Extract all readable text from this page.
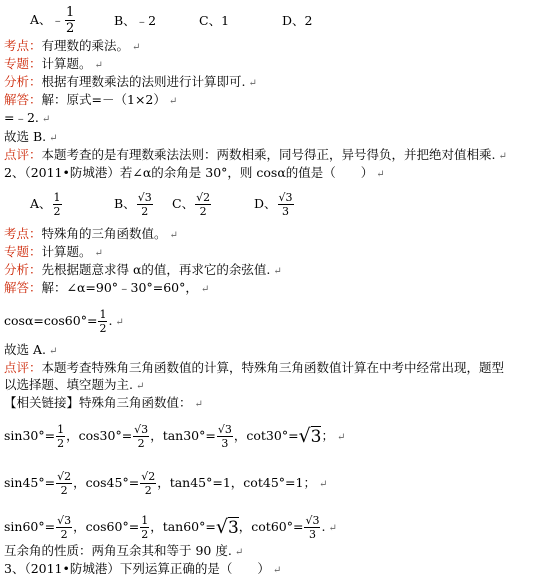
A、﹣ $\frac{1}{2}$	B、﹣2	C、1	D、2
考点：有理数的乘法。 ↵
专题：计算题。 ↵
分析：根据有理数乘法的法则进行计算即可. ↵
解答：解：原式=－（1×2） ↵
=﹣2. ↵
故选 B. ↵
点评：本题考查的是有理数乘法法则：两数相乘，同号得正，异号得负，并把绝对值相乘. ↵
2、（2011•防城港）若∠α的余角是 30°，则 cosα的值是（　　） ↵
A、 $\frac{1}{2}$	B、 $\frac{√3}{2}$ C、 $\frac{√2}{2}$	D、 $\frac{√3}{3}$
考点：特殊角的三角函数值。 ↵
专题：计算题。 ↵
分析：先根据题意求得 α的值，再求它的余弦值. ↵
解答：解：∠α=90°﹣30°=60°， ↵
$\cos\alpha=\cos 60^\circ= \frac{1}{2}$ . ↵
故选 A. ↵
点评：本题考查特殊角三角函数值的计算，特殊角三角函数值计算在中考中经常出现，题型
以选择题、填空题为主. ↵
【相关链接】特殊角三角函数值： ↵
$\sin 30^\circ= \frac{1}{2}$ ，$\cos 30^\circ= \frac{√3}{2}$ ，$\tan 30^\circ= \frac{√3}{3}$ ，cot30°= √ 3； ↵
$\sin 45^\circ= \frac{√2}{2}$ ，$\cos 45^\circ= \frac{√2}{2}$ ，tan45°=1，cot45°=1； ↵
$\sin 60^\circ= \frac{√3}{2}$ ，$\cos 60^\circ= \frac{1}{2}$ ，tan60°= √ 3，$\cot 60^\circ= \frac{√3}{3}$ . ↵
互余角的性质：两角互余其和等于 90 度. ↵
3、（2011•防城港）下列运算正确的是（　　） ↵
